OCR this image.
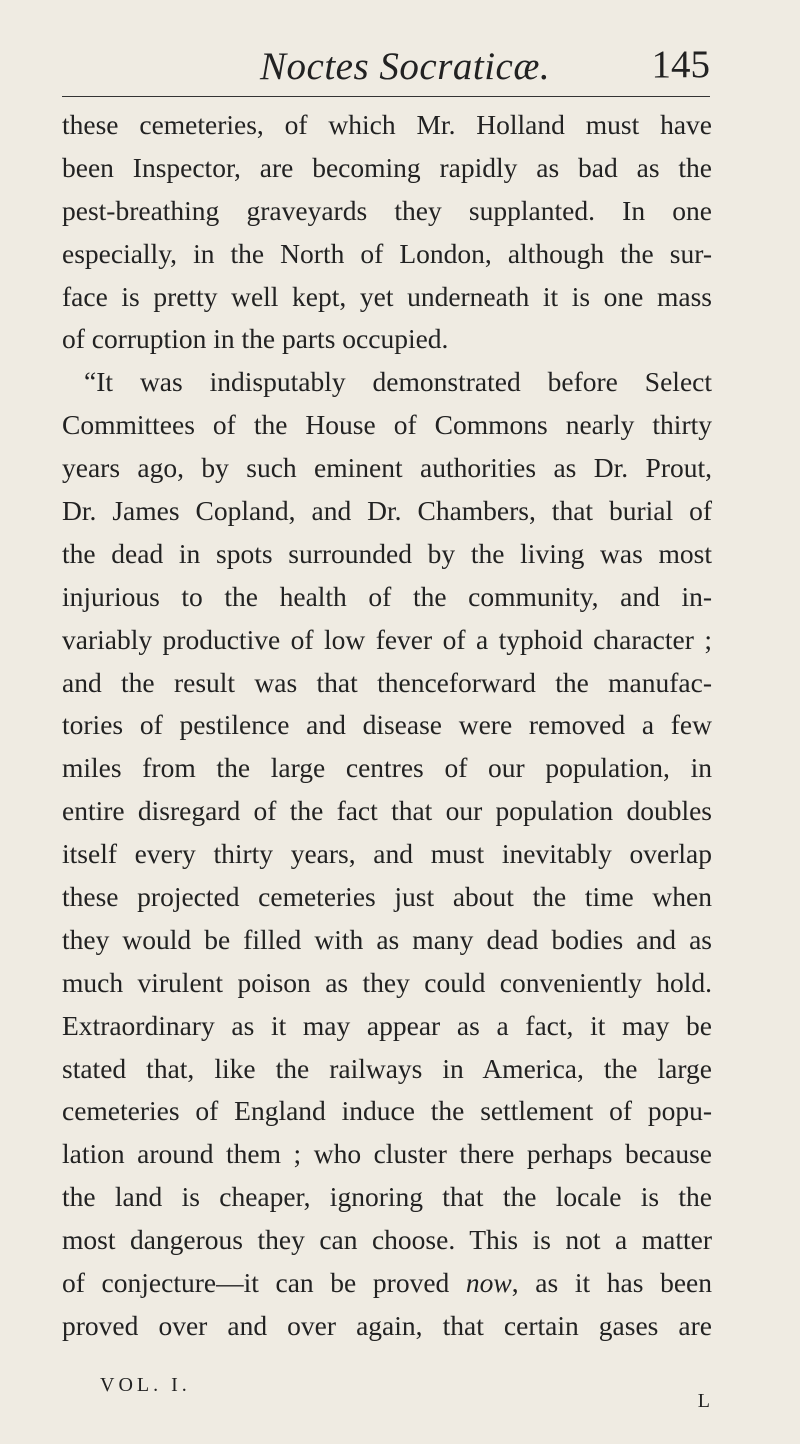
Noctes Socraticæ.	145
these cemeteries, of which Mr. Holland must have
been Inspector, are becoming rapidly as bad as the
pest-breathing graveyards they supplanted. In one
especially, in the North of London, although the sur-
face is pretty well kept, yet underneath it is one mass
of corruption in the parts occupied.
“It was indisputably demonstrated before Select
Committees of the House of Commons nearly thirty
years ago, by such eminent authorities as Dr. Prout,
Dr. James Copland, and Dr. Chambers, that burial of
the dead in spots surrounded by the living was most
injurious to the health of the community, and in-
variably productive of low fever of a typhoid character ;
and the result was that thenceforward the manufac-
tories of pestilence and disease were removed a few
miles from the large centres of our population, in
entire disregard of the fact that our population doubles
itself every thirty years, and must inevitably overlap
these projected cemeteries just about the time when
they would be filled with as many dead bodies and as
much virulent poison as they could conveniently hold.
Extraordinary as it may appear as a fact, it may be
stated that, like the railways in America, the large
cemeteries of England induce the settlement of popu-
lation around them ; who cluster there perhaps because
the land is cheaper, ignoring that the locale is the
most dangerous they can choose. This is not a matter
of conjecture—it can be proved now, as it has been
proved over and over again, that certain gases are
VOL. I.
L
